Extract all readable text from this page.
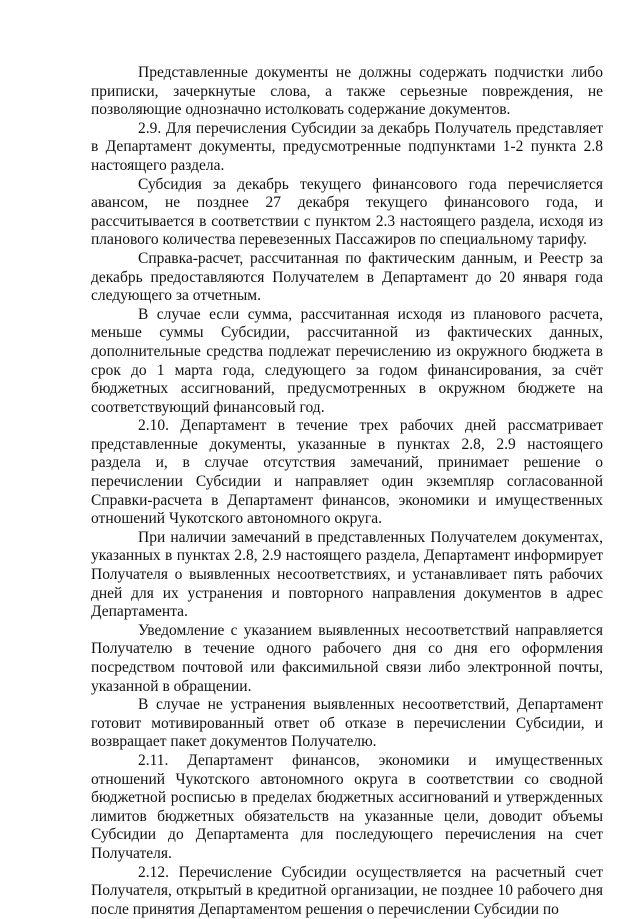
Представленные документы не должны содержать подчистки либо приписки, зачеркнутые слова, а также серьезные повреждения, не позволяющие однозначно истолковать содержание документов.

2.9. Для перечисления Субсидии за декабрь Получатель представляет в Департамент документы, предусмотренные подпунктами 1-2 пункта 2.8 настоящего раздела.

Субсидия за декабрь текущего финансового года перечисляется авансом, не позднее 27 декабря текущего финансового года, и рассчитывается в соответствии с пунктом 2.3 настоящего раздела, исходя из планового количества перевезенных Пассажиров по специальному тарифу.

Справка-расчет, рассчитанная по фактическим данным, и Реестр за декабрь предоставляются Получателем в Департамент до 20 января года следующего за отчетным.

В случае если сумма, рассчитанная исходя из планового расчета, меньше суммы Субсидии, рассчитанной из фактических данных, дополнительные средства подлежат перечислению из окружного бюджета в срок до 1 марта года, следующего за годом финансирования, за счёт бюджетных ассигнований, предусмотренных в окружном бюджете на соответствующий финансовый год.

2.10. Департамент в течение трех рабочих дней рассматривает представленные документы, указанные в пунктах 2.8, 2.9 настоящего раздела и, в случае отсутствия замечаний, принимает решение о перечислении Субсидии и направляет один экземпляр согласованной Справки-расчета в Департамент финансов, экономики и имущественных отношений Чукотского автономного округа.

При наличии замечаний в представленных Получателем документах, указанных в пунктах 2.8, 2.9 настоящего раздела, Департамент информирует Получателя о выявленных несоответствиях, и устанавливает пять рабочих дней для их устранения и повторного направления документов в адрес Департамента.

Уведомление с указанием выявленных несоответствий направляется Получателю в течение одного рабочего дня со дня его оформления посредством почтовой или факсимильной связи либо электронной почты, указанной в обращении.

В случае не устранения выявленных несоответствий, Департамент готовит мотивированный ответ об отказе в перечислении Субсидии, и возвращает пакет документов Получателю.

2.11. Департамент финансов, экономики и имущественных отношений Чукотского автономного округа в соответствии со сводной бюджетной росписью в пределах бюджетных ассигнований и утвержденных лимитов бюджетных обязательств на указанные цели, доводит объемы Субсидии до Департамента для последующего перечисления на счет Получателя.

2.12. Перечисление Субсидии осуществляется на расчетный счет Получателя, открытый в кредитной организации, не позднее 10 рабочего дня после принятия Департаментом решения о перечислении Субсидии по
